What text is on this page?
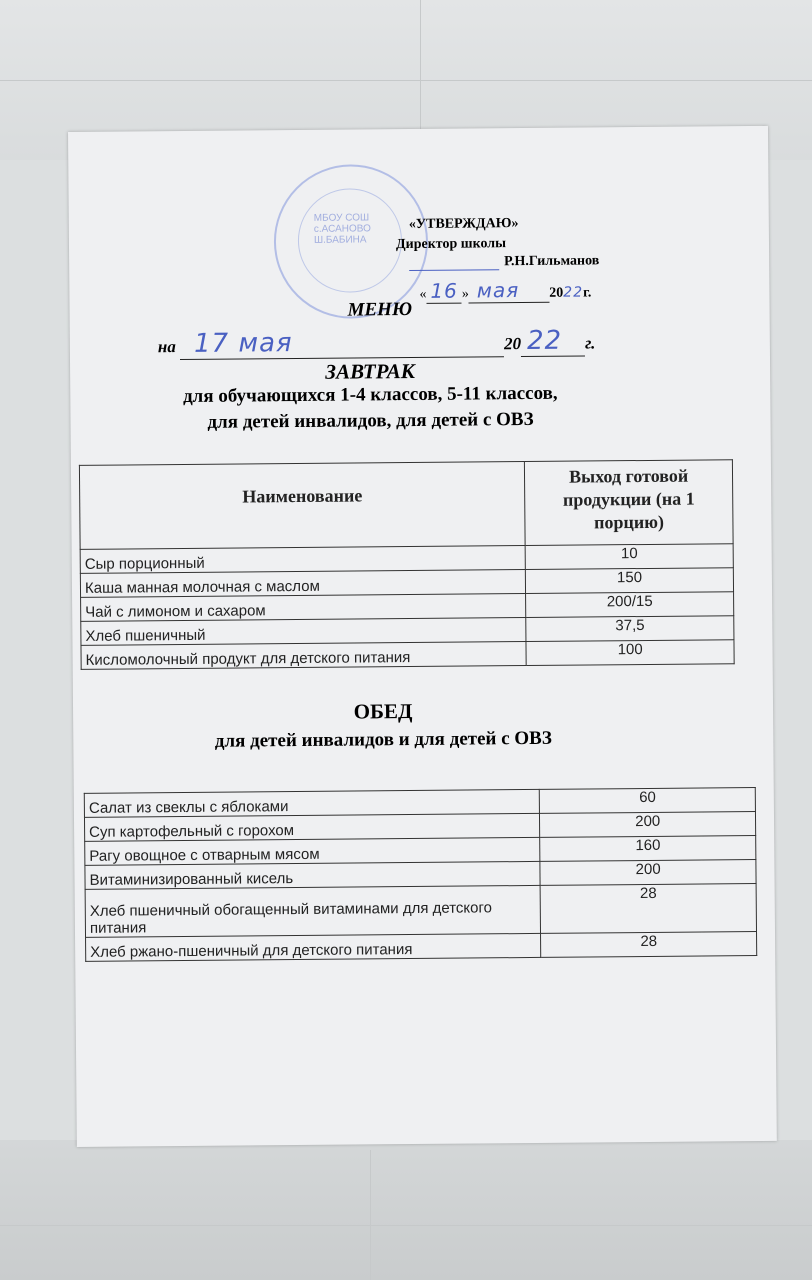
МБОУ СОШ с.АСАНОВО Ш.БАБИНА
«УТВЕРЖДАЮ»
Директор школы
Р.Н.Гильманов
« 16 » мая 2022г.
МЕНЮ
на 17 мая	20 22 г.
ЗАВТРАК
для обучающихся 1-4 классов, 5-11 классов,
для детей инвалидов, для детей с ОВЗ
Наименование	Выход готовой продукции (на 1 порцию)
Сыр порционный	10
Каша манная молочная с маслом	150
Чай с лимоном и сахаром	200/15
Хлеб пшеничный	37,5
Кисломолочный продукт для детского питания	100
ОБЕД
для детей инвалидов и для детей с ОВЗ
Салат из свеклы с яблоками	60
Суп картофельный с горохом	200
Рагу овощное с отварным мясом	160
Витаминизированный кисель	200
Хлеб пшеничный обогащенный витаминами для детского питания	28
Хлеб ржано-пшеничный для детского питания	28
